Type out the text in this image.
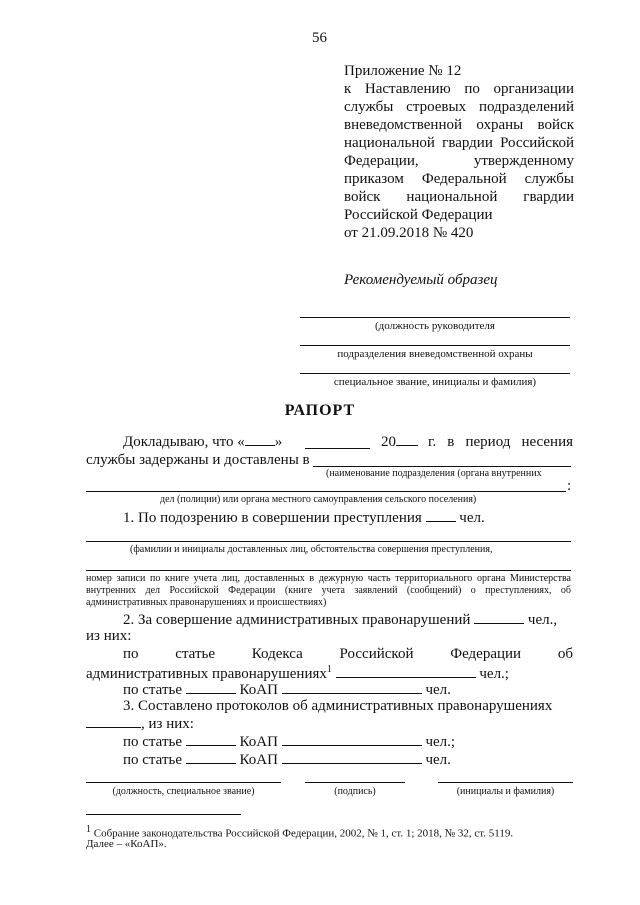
56
Приложение № 12
к Наставлению по организации
службы строевых подразделений
вневедомственной охраны войск
национальной гвардии Российской
Федерации, утвержденному
приказом Федеральной службы
войск национальной гвардии
Российской Федерации
от 21.09.2018 № 420
Рекомендуемый образец
(должность руководителя
подразделения вневедомственной охраны
специальное звание, инициалы и фамилия)
РАПОРТ
Докладываю, что « »	20	г. в период несения
службы задержаны и доставлены в
(наименование подразделения (органа внутренних
:
дел (полиции) или органа местного самоуправления сельского поселения)
1. По подозрению в совершении преступления	чел.
(фамилии и инициалы доставленных лиц, обстоятельства совершения преступления,
номер записи по книге учета лиц, доставленных в дежурную часть территориального органа Министерства внутренних дел Российской Федерации (книге учета заявлений (сообщений) о преступлениях, об административных правонарушениях и происшествиях)
2. За совершение административных правонарушений	чел.,
из них:
по статье Кодекса Российской Федерации об
административных правонарушениях$^1$	чел.;
по статье	КоАП	чел.
3. Составлено протоколов об административных правонарушениях
, из них:
по статье	КоАП	чел.;
по статье	КоАП	чел.
(должность, специальное звание)	(подпись)	(инициалы и фамилия)
$^1$ Собрание законодательства Российской Федерации, 2002, № 1, ст. 1; 2018, № 32, ст. 5119.
Далее – «КоАП».
